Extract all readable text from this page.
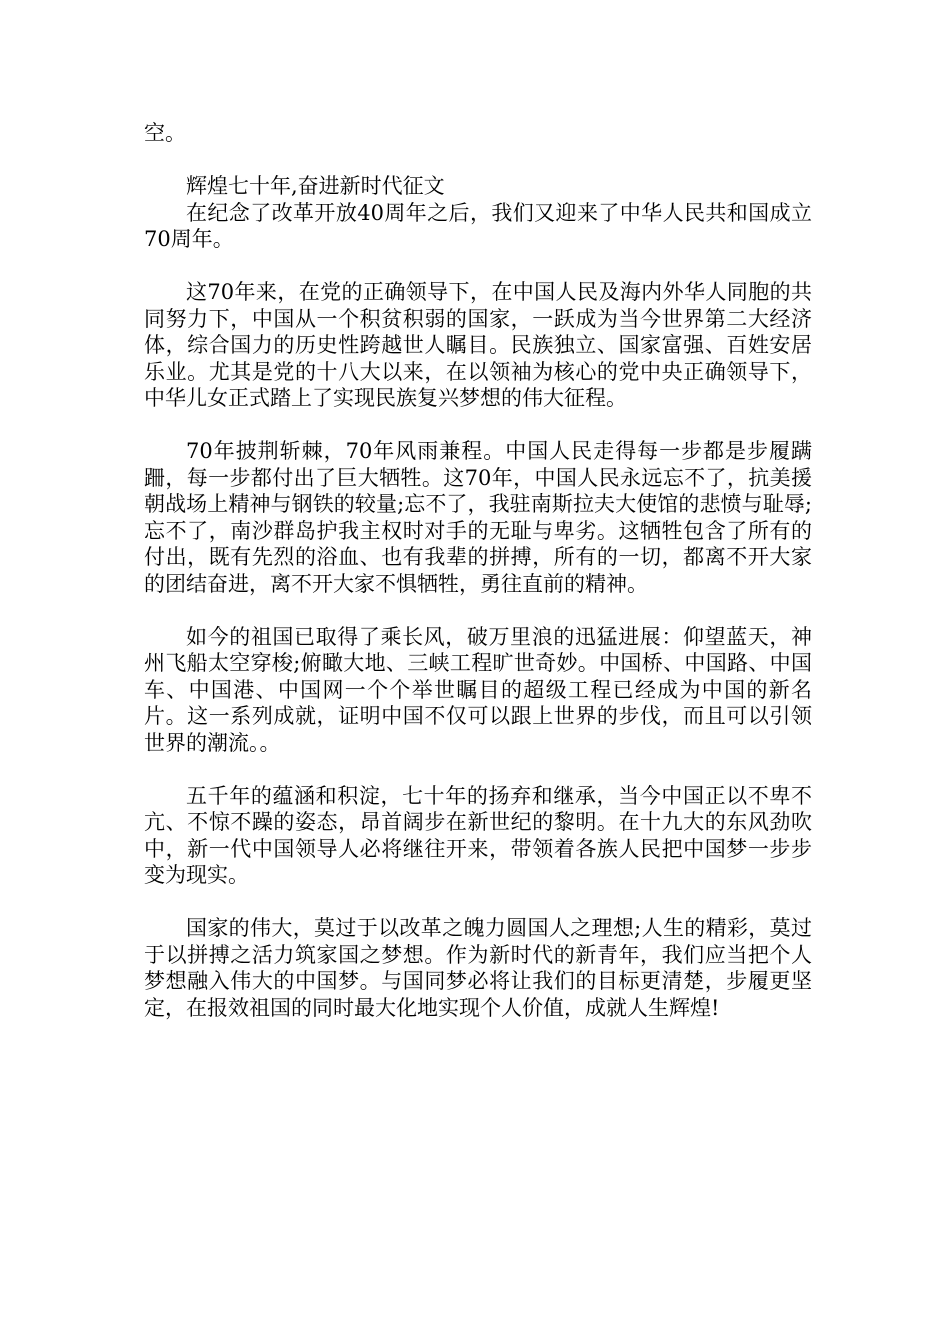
空。

辉煌七十年,奋进新时代征文

在纪念了改革开放40周年之后，我们又迎来了中华人民共和国成立70周年。

这70年来，在党的正确领导下，在中国人民及海内外华人同胞的共同努力下，中国从一个积贫积弱的国家，一跃成为当今世界第二大经济体，综合国力的历史性跨越世人瞩目。民族独立、国家富强、百姓安居乐业。尤其是党的十八大以来，在以领袖为核心的党中央正确领导下，中华儿女正式踏上了实现民族复兴梦想的伟大征程。

70年披荆斩棘，70年风雨兼程。中国人民走得每一步都是步履蹒跚，每一步都付出了巨大牺牲。这70年，中国人民永远忘不了，抗美援朝战场上精神与钢铁的较量;忘不了，我驻南斯拉夫大使馆的悲愤与耻辱;忘不了，南沙群岛护我主权时对手的无耻与卑劣。这牺牲包含了所有的付出，既有先烈的浴血、也有我辈的拼搏，所有的一切，都离不开大家的团结奋进，离不开大家不惧牺牲，勇往直前的精神。

如今的祖国已取得了乘长风，破万里浪的迅猛进展：仰望蓝天，神州飞船太空穿梭;俯瞰大地、三峡工程旷世奇妙。中国桥、中国路、中国车、中国港、中国网一个个举世瞩目的超级工程已经成为中国的新名片。这一系列成就，证明中国不仅可以跟上世界的步伐，而且可以引领世界的潮流。。

五千年的蕴涵和积淀，七十年的扬弃和继承，当今中国正以不卑不亢、不惊不躁的姿态，昂首阔步在新世纪的黎明。在十九大的东风劲吹中，新一代中国领导人必将继往开来，带领着各族人民把中国梦一步步变为现实。

国家的伟大，莫过于以改革之魄力圆国人之理想;人生的精彩，莫过于以拼搏之活力筑家国之梦想。作为新时代的新青年，我们应当把个人梦想融入伟大的中国梦。与国同梦必将让我们的目标更清楚，步履更坚定，在报效祖国的同时最大化地实现个人价值，成就人生辉煌!
